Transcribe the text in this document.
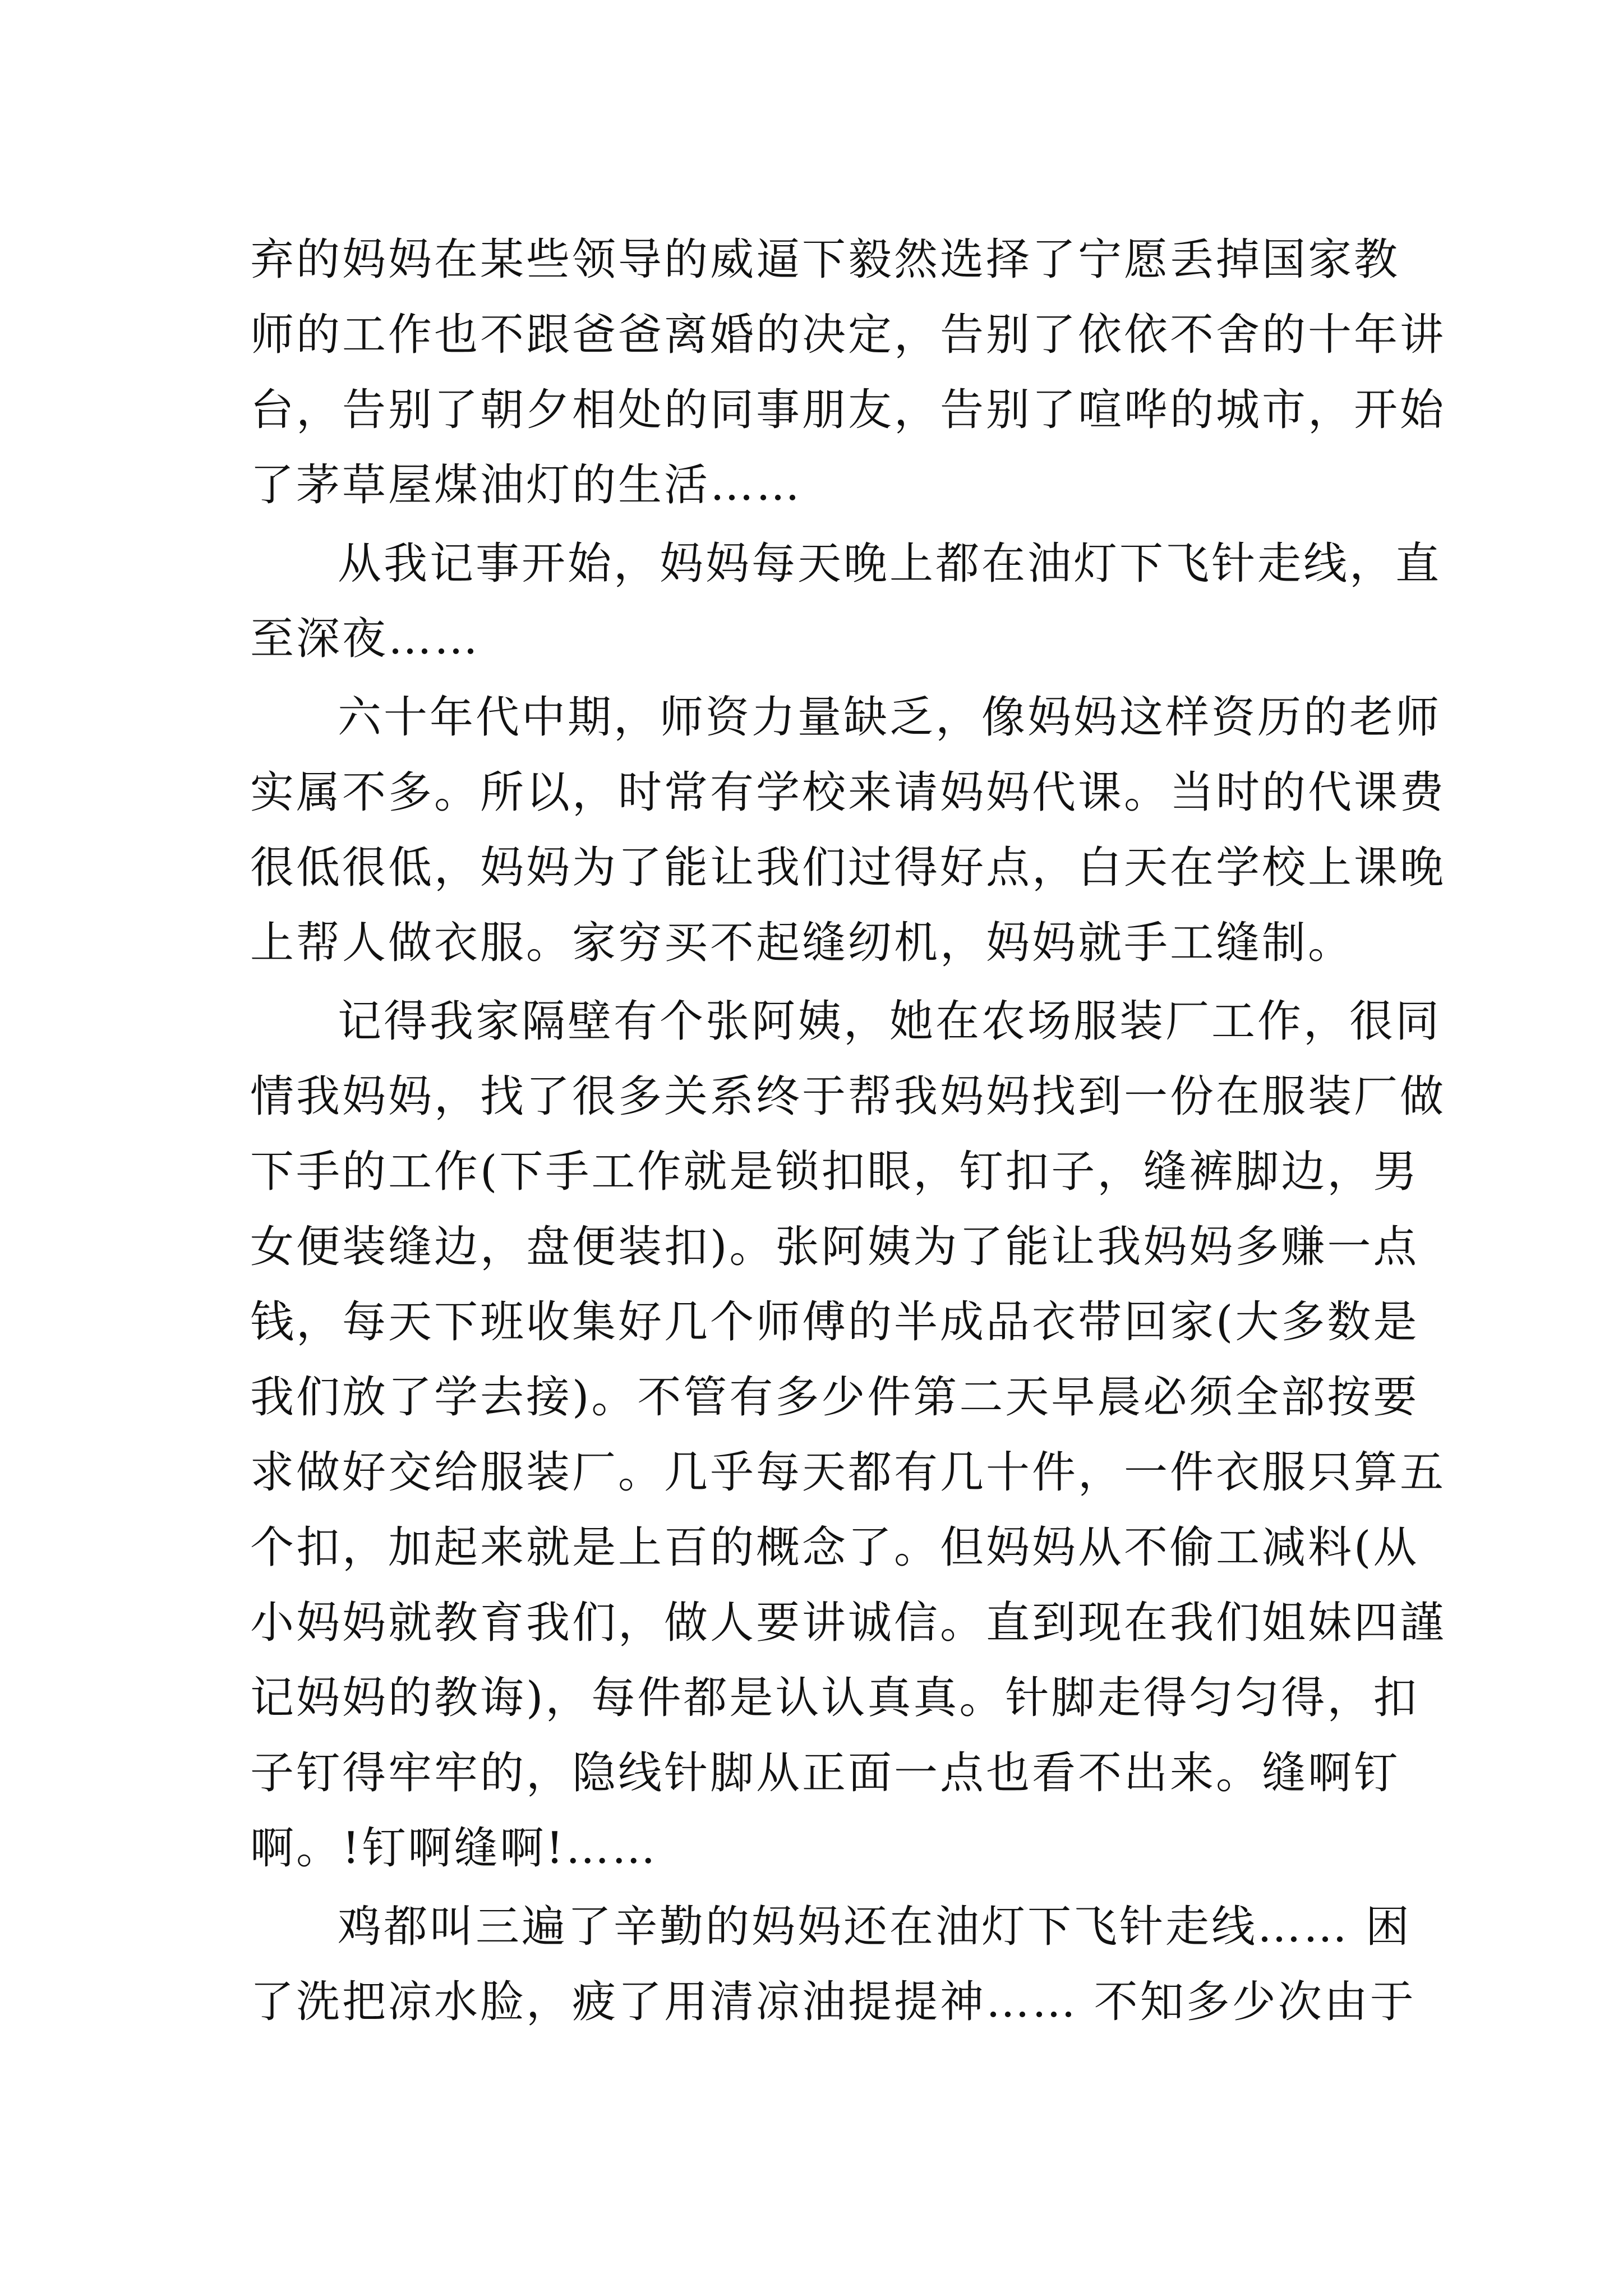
弃的妈妈在某些领导的威逼下毅然选择了宁愿丢掉国家教
师的工作也不跟爸爸离婚的决定，告别了依依不舍的十年讲
台，告别了朝夕相处的同事朋友，告别了喧哗的城市，开始
了茅草屋煤油灯的生活……
从我记事开始，妈妈每天晚上都在油灯下飞针走线，直
至深夜……
六十年代中期，师资力量缺乏，像妈妈这样资历的老师
实属不多。所以，时常有学校来请妈妈代课。当时的代课费
很低很低，妈妈为了能让我们过得好点，白天在学校上课晚
上帮人做衣服。家穷买不起缝纫机，妈妈就手工缝制。
记得我家隔壁有个张阿姨，她在农场服装厂工作，很同
情我妈妈，找了很多关系终于帮我妈妈找到一份在服装厂做
下手的工作(下手工作就是锁扣眼，钉扣子，缝裤脚边，男
女便装缝边，盘便装扣)。张阿姨为了能让我妈妈多赚一点
钱，每天下班收集好几个师傅的半成品衣带回家(大多数是
我们放了学去接)。不管有多少件第二天早晨必须全部按要
求做好交给服装厂。几乎每天都有几十件，一件衣服只算五
个扣，加起来就是上百的概念了。但妈妈从不偷工减料(从
小妈妈就教育我们，做人要讲诚信。直到现在我们姐妹四謹
记妈妈的教诲)，每件都是认认真真。针脚走得匀匀得，扣
子钉得牢牢的，隐线针脚从正面一点也看不出来。缝啊钉
啊。!钉啊缝啊!……
鸡都叫三遍了辛勤的妈妈还在油灯下飞针走线…… 困
了洗把凉水脸，疲了用清凉油提提神…… 不知多少次由于
